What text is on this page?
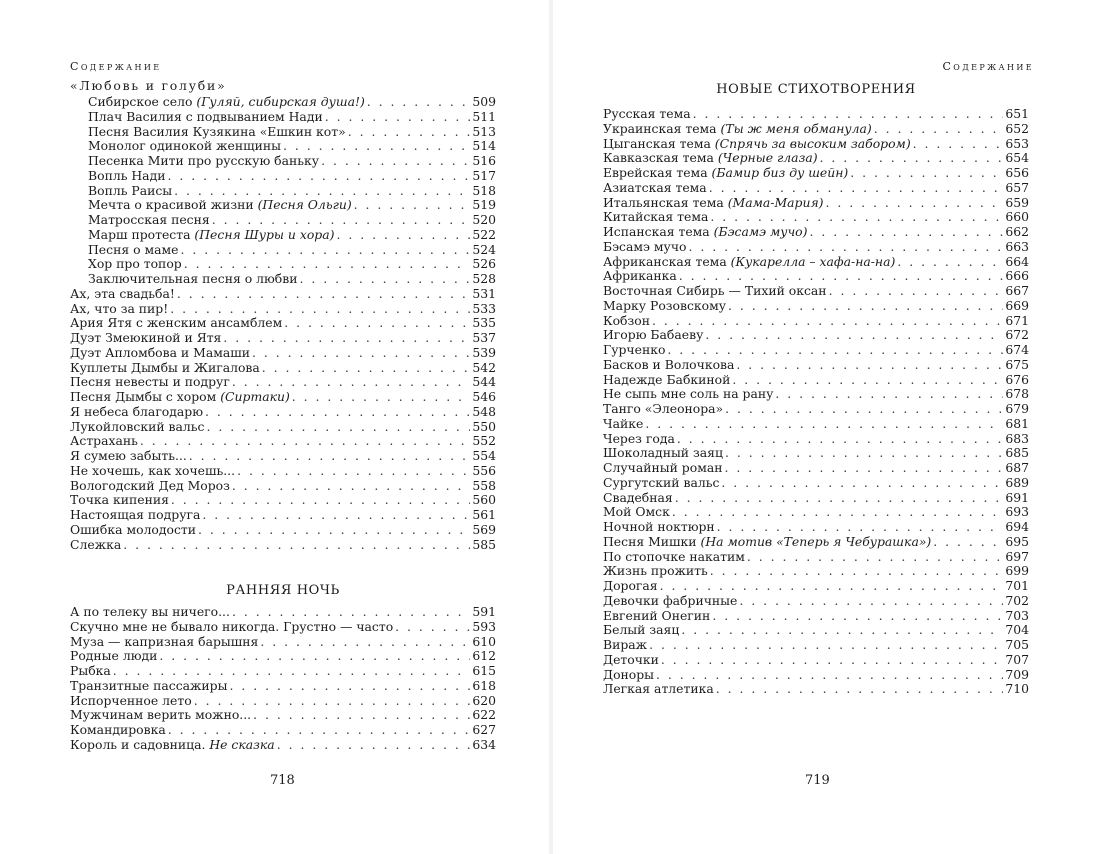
Содержание
«Любовь и голуби»
Сибирское село (Гуляй, сибирская душа!) . . .	509
Плач Василия с подвыванием Нади . . .	511
Песня Василия Кузякина «Ешкин кот» . . .	513
Монолог одинокой женщины . . .	514
Песенка Мити про русскую баньку . . .	516
Вопль Нади . . .	517
Вопль Раисы . . .	518
Мечта о красивой жизни (Песня Ольги) . . .	519
Матросская песня . . .	520
Марш протеста (Песня Шуры и хора) . . .	522
Песня о маме . . .	524
Хор про топор . . .	526
Заключительная песня о любви . . .	528
Ах, эта свадьба! . . .	531
Ах, что за пир! . . .	533
Ария Ятя с женским ансамблем . . .	535
Дуэт Змеюкиной и Ятя . . .	537
Дуэт Апломбова и Мамаши . . .	539
Куплеты Дымбы и Жигалова . . .	542
Песня невесты и подруг . . .	544
Песня Дымбы с хором (Сиртаки) . . .	546
Я небеса благодарю . . .	548
Лукойловский вальс . . .	550
Астрахань . . .	552
Я сумею забыть... . . .	554
Не хочешь, как хочешь... . . .	556
Вологодский Дед Мороз . . .	558
Точка кипения . . .	560
Настоящая подруга . . .	561
Ошибка молодости . . .	569
Слежка . . .	585
РАННЯЯ НОЧЬ
А по телеку вы ничего... . . .	591
Скучно мне не бывало никогда. Грустно — часто . . .	593
Муза — капризная барышня . . .	610
Родные люди . . .	612
Рыбка . . .	615
Транзитные пассажиры . . .	618
Испорченное лето . . .	620
Мужчинам верить можно... . . .	622
Командировка . . .	627
Король и садовница. Не сказка . . .	634
718
Содержание
НОВЫЕ СТИХОТВОРЕНИЯ
Русская тема . . .	651
Украинская тема (Ты ж меня обманула) . . .	652
Цыганская тема (Спрячь за высоким забором) . . .	653
Кавказская тема (Черные глаза) . . .	654
Еврейская тема (Бамир биз ду шейн) . . .	656
Азиатская тема . . .	657
Итальянская тема (Мама-Мария) . . .	659
Китайская тема . . .	660
Испанская тема (Бэсамэ мучо) . . .	662
Бэсамэ мучо . . .	663
Африканская тема (Кукарелла – хафа-на-на) . . .	664
Африканка . . .	666
Восточная Сибирь — Тихий оксан . . .	667
Марку Розовскому . . .	669
Кобзон . . .	671
Игорю Бабаеву . . .	672
Гурченко . . .	674
Басков и Волочкова . . .	675
Надежде Бабкиной . . .	676
Не сыпь мне соль на рану . . .	678
Танго «Элеонора» . . .	679
Чайке . . .	681
Через года . . .	683
Шоколадный заяц . . .	685
Случайный роман . . .	687
Сургутский вальс . . .	689
Свадебная . . .	691
Мой Омск . . .	693
Ночной ноктюрн . . .	694
Песня Мишки (На мотив «Теперь я Чебурашка») . . .	695
По стопочке накатим . . .	697
Жизнь прожить . . .	699
Дорогая . . .	701
Девочки фабричные . . .	702
Евгений Онегин . . .	703
Белый заяц . . .	704
Вираж . . .	705
Деточки . . .	707
Доноры . . .	709
Легкая атлетика . . .	710
719
